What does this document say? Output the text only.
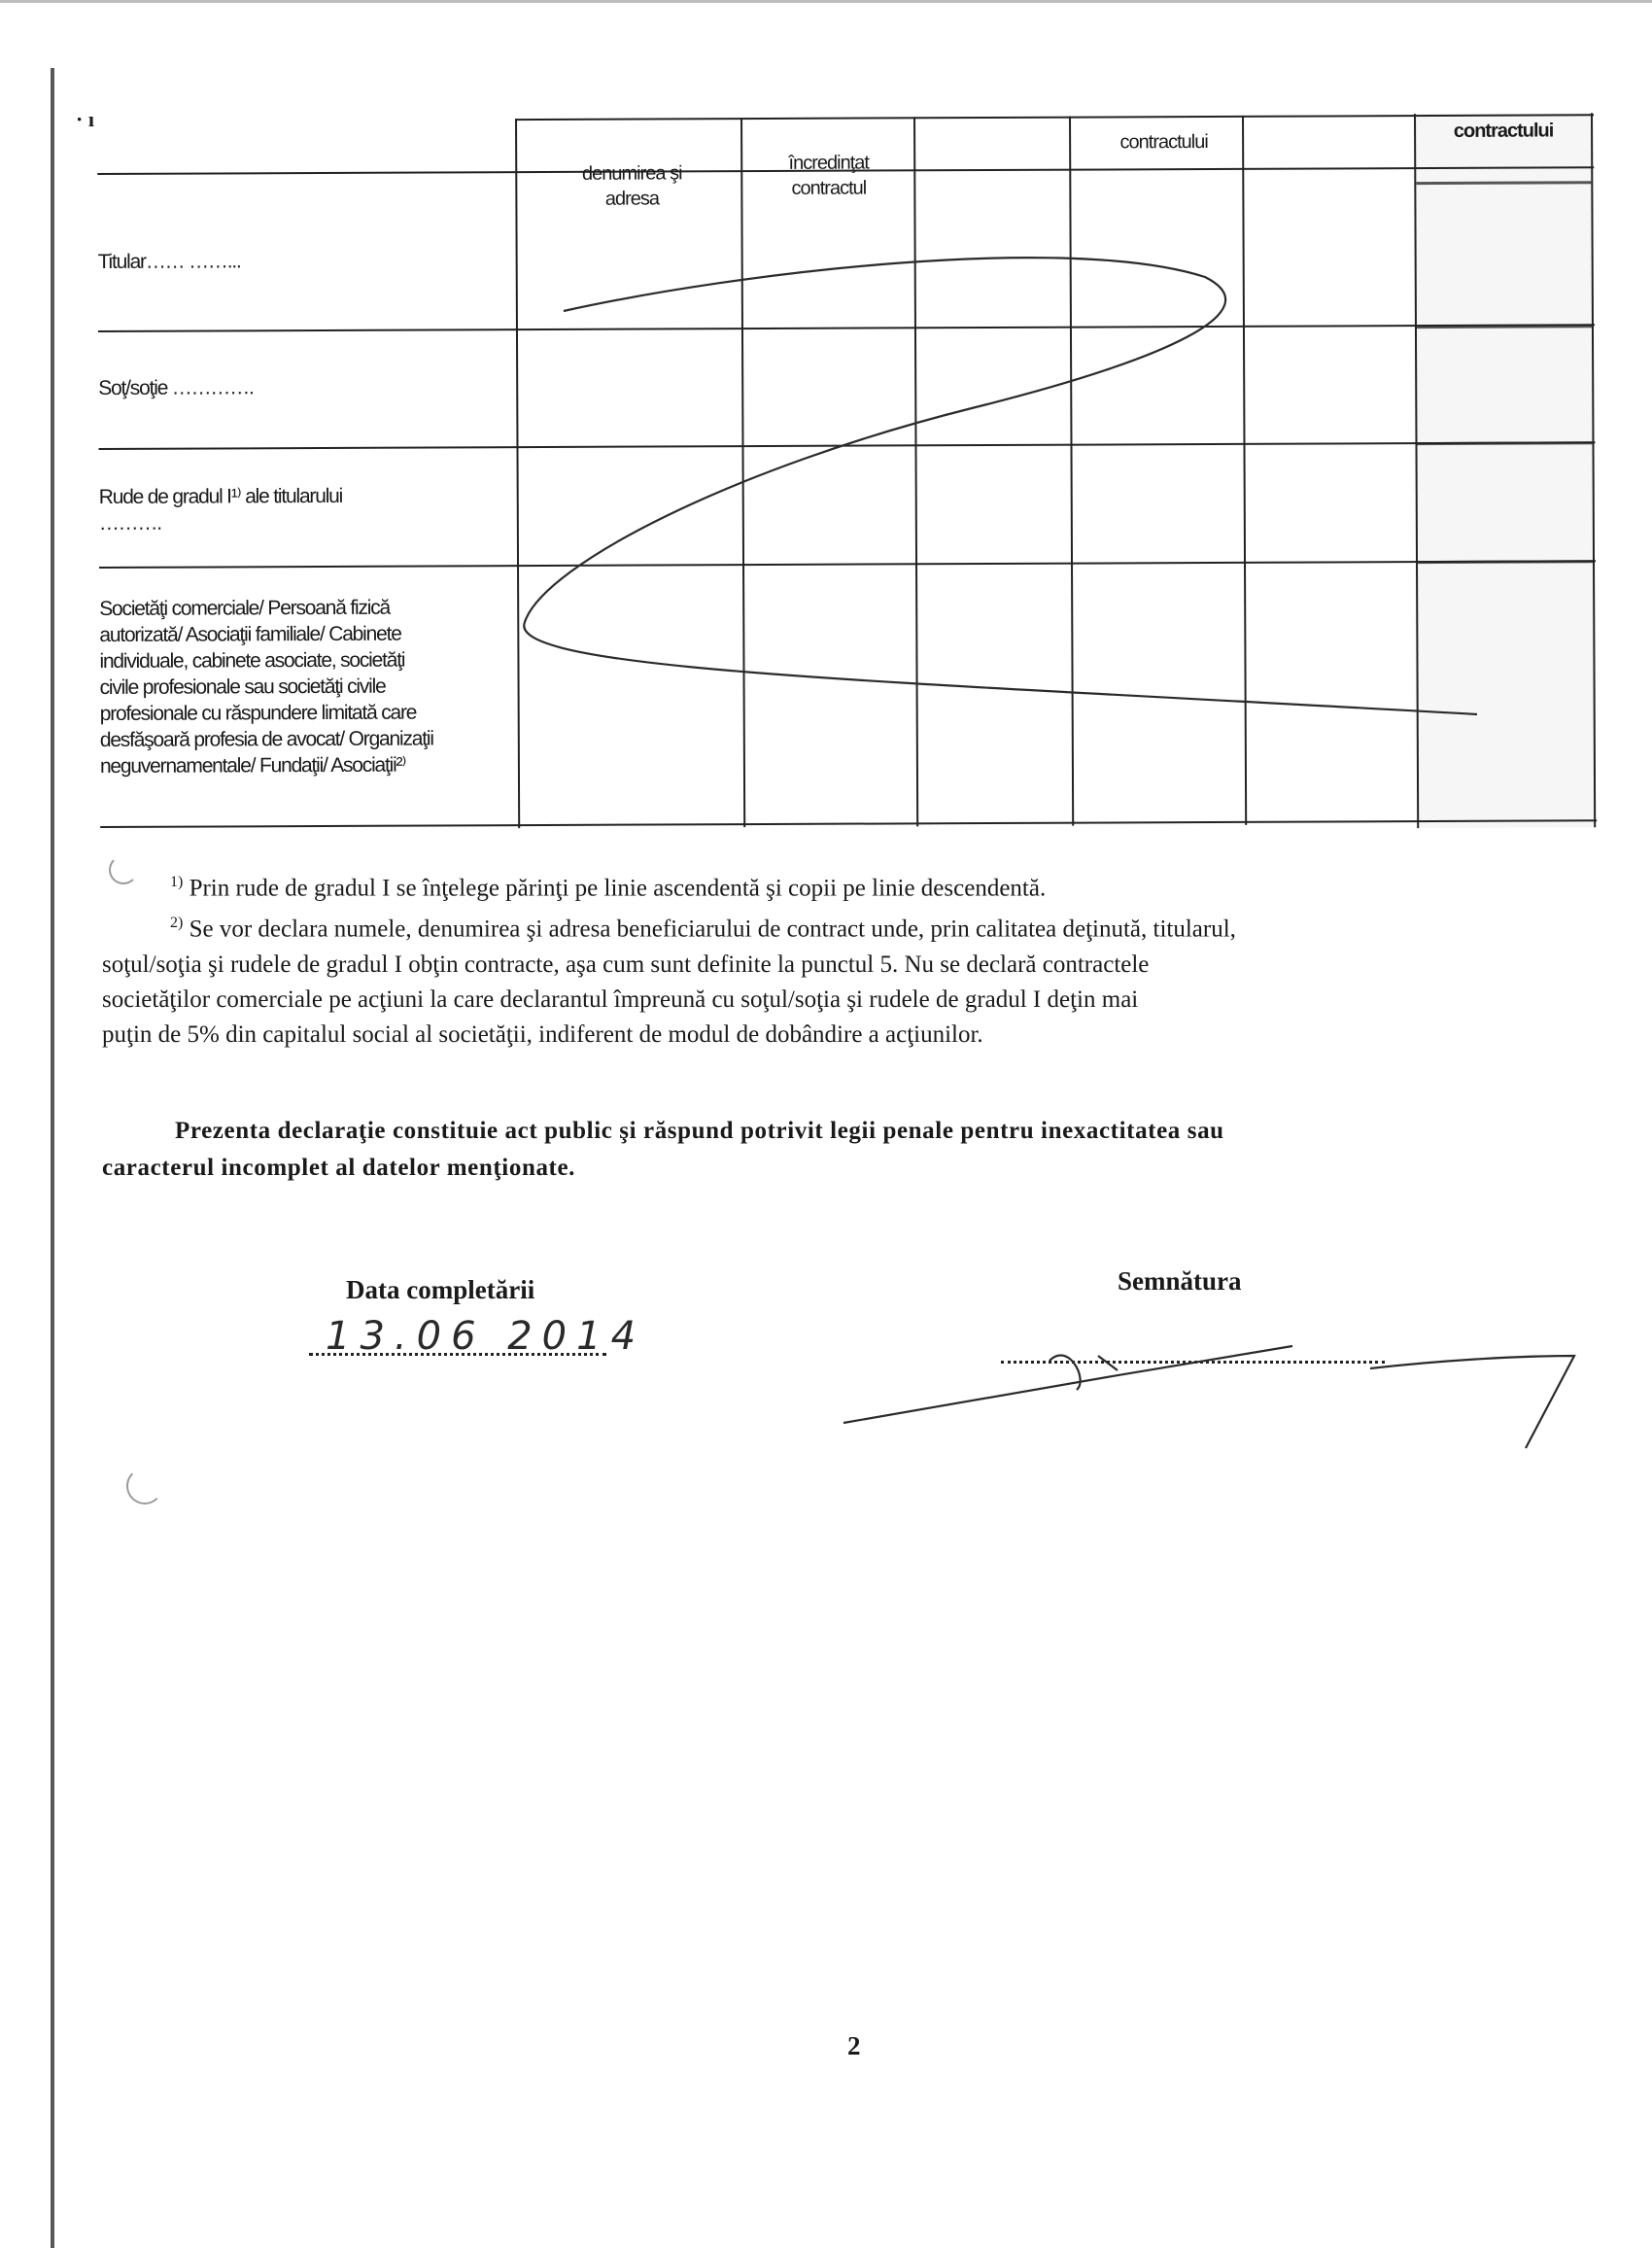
· ı
denumirea şi adresa
încredinţat contractul
contractului
contractului
Titular…… ……...
Soţ/soţie ………….
Rude de gradul I¹⁾ ale titularului
……….
Societăţi comerciale/ Persoană fizică
autorizată/ Asociaţii familiale/ Cabinete
individuale, cabinete asociate, societăţi
civile profesionale sau societăţi civile
profesionale cu răspundere limitată care
desfăşoară profesia de avocat/ Organizaţii
neguvernamentale/ Fundaţii/ Asociaţii²⁾

$^{1)}$ Prin rude de gradul I se înţelege părinţi pe linie ascendentă şi copii pe linie descendentă.

$^{2)}$ Se vor declara numele, denumirea şi adresa beneficiarului de contract unde, prin calitatea deţinută, titularul,
soţul/soţia şi rudele de gradul I obţin contracte, aşa cum sunt definite la punctul 5. Nu se declară contractele
societăţilor comerciale pe acţiuni la care declarantul împreună cu soţul/soţia şi rudele de gradul I deţin mai
puţin de 5% din capitalul social al societăţii, indiferent de modul de dobândire a acţiunilor.

Prezenta declaraţie constituie act public şi răspund potrivit legii penale pentru inexactitatea sau
caracterul incomplet al datelor menţionate.
Data completării
13.06 2014
Semnătura
2
